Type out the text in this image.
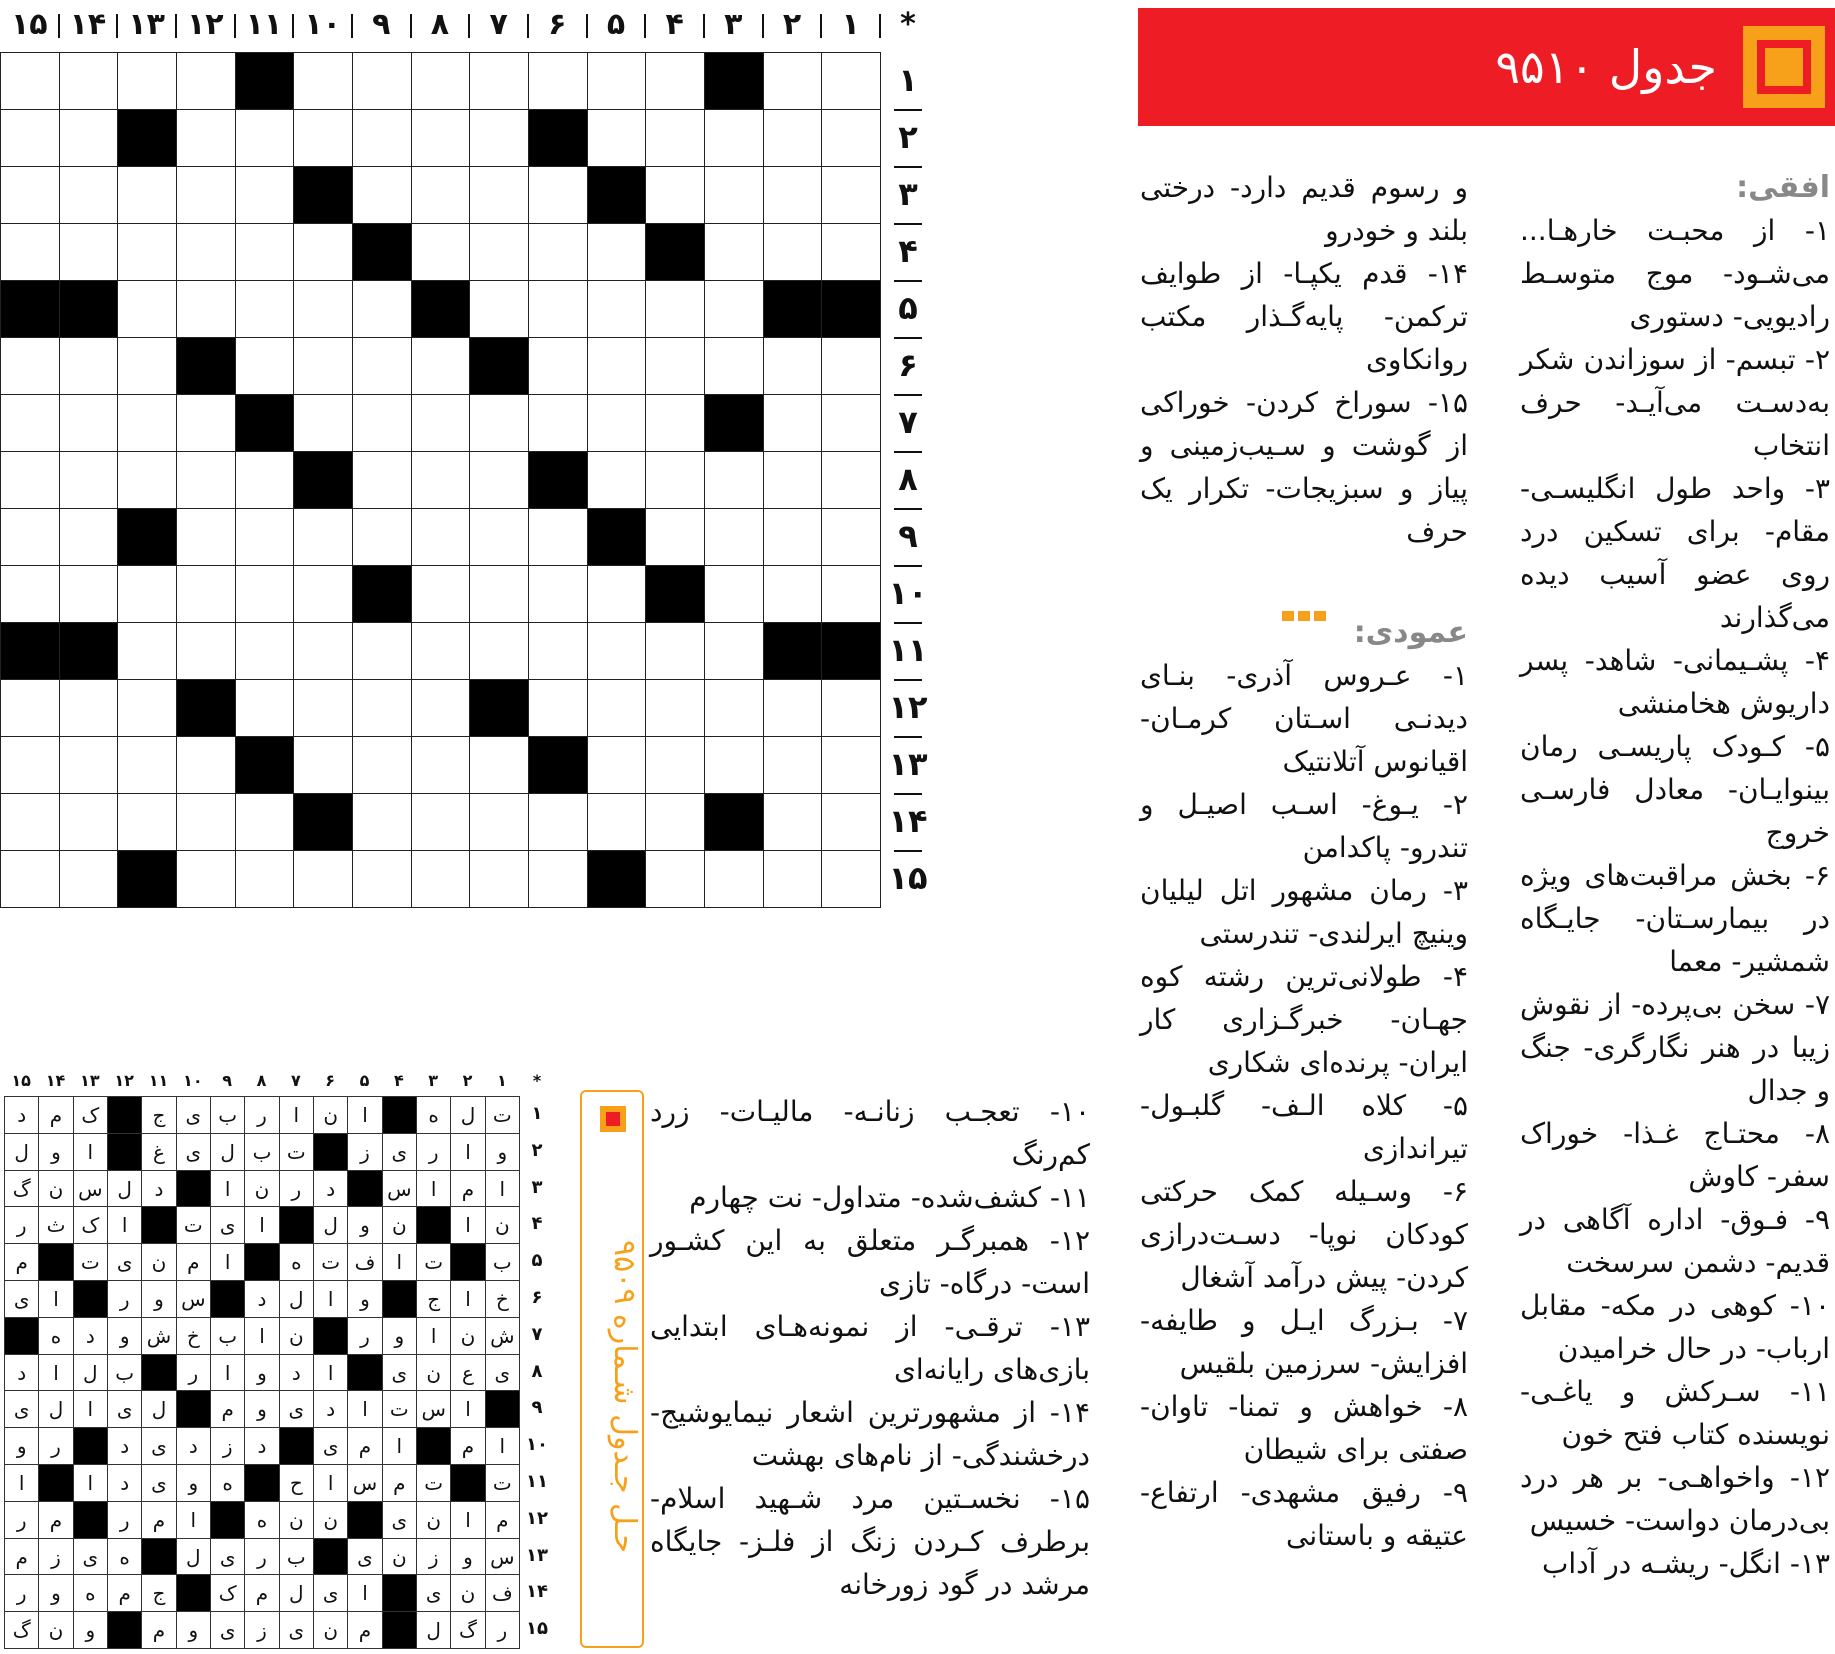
جدول ۹۵۱۰
*
۱
۲
۳
۴
۵
۶
۷
۸
۹
۱۰
۱۱
۱۲
۱۳
۱۴
۱۵
۱
۲
۳
۴
۵
۶
۷
۸
۹
۱۰
۱۱
۱۲
۱۳
۱۴
۱۵

افقی:

۱- از محبـت خارهـا... می‌شـود- موج متوسـط رادیویی- دستوری

۲- تبسم- از سوزاندن شکر به‌دسـت می‌آیـد- حرف انتخاب

۳- واحد طول انگلیسـی- مقام- برای تسکین درد روی عضو آسیب دیده می‌گذارند

۴- پشـیمانی- شاهد- پسر داریوش هخامنشی

۵- کـودک پاریسـی رمان بینوایـان- معادل فارسـی خروج

۶- بخش مراقبت‌های ویژه در بیمارسـتان- جایـگاه شمشیر- معما

۷- سخن بی‌پرده- از نقوش زیبا در هنر نگارگری- جنگ و جدال

۸- محتـاج غـذا- خوراک سفر- کاوش

۹- فـوق- اداره آگاهی در قدیم- دشمن سرسخت

۱۰- کوهی در مکه- مقابل ارباب- در حال خرامیدن

۱۱- سـرکش و یاغـی- نویسنده کتاب فتح خون

۱۲- واخواهـی- بر هر درد بی‌درمان دواست- خسیس

۱۳- انگل- ریشـه در آداب

و رسوم قدیم دارد- درختی بلند و خودرو

۱۴- قدم یکپـا- از طوایف ترکمن- پایه‌گـذار مکتب روانکاوی

۱۵- سوراخ کردن- خوراکی از گوشت و سـیب‌زمینی و پیاز و سبزیجات- تکرار یک حرف

عمودی:

۱- عـروس آذری- بنـای دیدنـی اسـتان کرمـان- اقیانوس آتلانتیک

۲- یـوغ- اسـب اصیـل و تندرو- پاکدامن

۳- رمان مشهور اتل لیلیان وینیچ ایرلندی- تندرستی

۴- طولانی‌ترین رشته کوه جهـان- خبرگـزاری کار ایران- پرنده‌ای شکاری

۵- کلاه الـف- گلبـول- تیراندازی

۶- وسـیله کمک حرکتی کودکان نوپا- دسـت‌درازی کردن- پیش درآمد آشغال

۷- بـزرگ ایـل و طایفه- افزایش- سرزمین بلقیس

۸- خواهش و تمنا- تاوان- صفتی برای شیطان

۹- رفیق مشهدی- ارتفاع- عتیقه و باستانی

۱۰- تعجـب زنانـه- مالیـات- زرد کم‌رنگ

۱۱- کشف‌شده- متداول- نت چهارم

۱۲- همبرگـر متعلق به این کشـور است- درگاه- تازی

۱۳- ترقـی- از نمونه‌هـای ابتدایی بازی‌های رایانه‌ای

۱۴- از مشهورترین اشعار نیمایوشیج- درخشندگی- از نام‌های بهشت

۱۵- نخسـتین مرد شـهید اسلام- برطرف کـردن زنگ از فلـز- جایگاه مرشد در گود زورخانه

حـل جـدول شـماره ۹۵۰۹
*
۱
۲
۳
۴
۵
۶
۷
۸
۹
۱۰
۱۱
۱۲
۱۳
۱۴
۱۵
ت
ل
ه
ا
ن
ا
ر
ب
ی
ج
ک
م
د
و
ا
ر
ی
ز
ت
ب
ل
ی
غ
ا
و
ل
ا
م
ا
س
د
ر
ن
ا
د
ل
س
ن
گ
ن
ا
ن
و
ل
ا
ی
ت
ا
ک
ث
ر
ب
ت
ا
ف
ت
ه
ا
م
ن
ی
ت
م
خ
ا
ج
و
ا
ل
د
س
و
ر
ا
ی
ش
ن
ا
و
ر
ن
ا
ب
خ
ش
و
د
ه
ی
ع
ن
ی
ا
د
و
ا
ر
ب
ل
ا
د
ا
س
ت
ا
د
ی
و
م
ل
ی
ا
ل
ی
ا
م
ا
م
ی
د
ز
د
ی
د
ر
و
ت
ت
م
س
ا
ح
ه
و
ی
د
ا
ا
م
ا
ن
ی
ن
ن
ه
ا
م
ر
م
ر
س
و
ز
ن
ی
ب
ر
ی
ل
ه
ی
ز
م
ف
ن
ی
ا
ی
ل
م
ک
ج
م
ه
و
ر
ر
گ
ل
م
ن
ی
ز
ی
و
م
و
ن
گ
۱
۲
۳
۴
۵
۶
۷
۸
۹
۱۰
۱۱
۱۲
۱۳
۱۴
۱۵
